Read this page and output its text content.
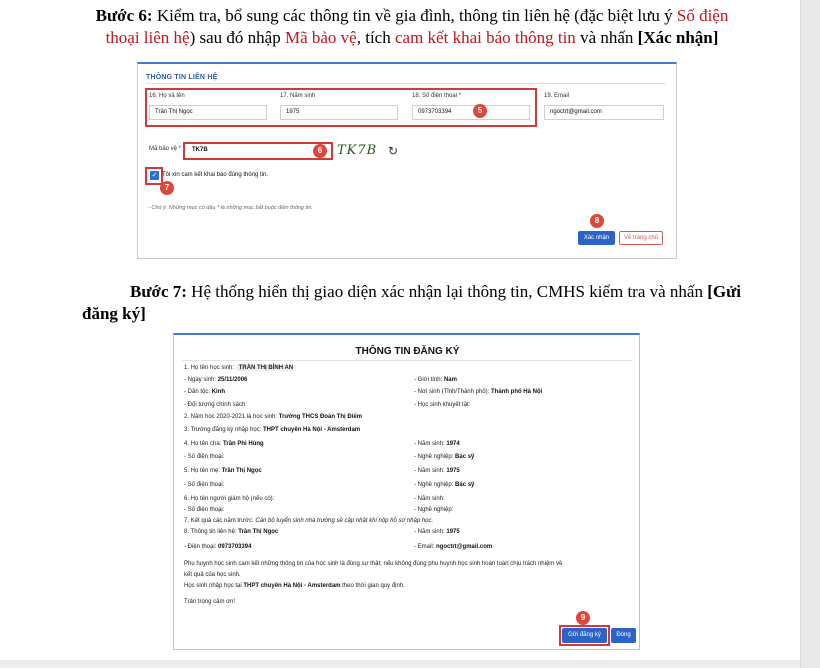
Bước 6: Kiểm tra, bổ sung các thông tin về gia đình, thông tin liên hệ (đặc biệt lưu ý Số điện thoại liên hệ) sau đó nhập Mã bảo vệ, tích cam kết khai báo thông tin và nhấn [Xác nhận]
THÔNG TIN LIÊN HỆ
16. Họ và tên
Trần Thị Ngọc
17. Năm sinh
1975
18. Số điện thoại *
0973703394	5
19. Email
ngoctrt@gmail.com
Mã bảo vệ *	TK7B	6	TK7B ↻
✓ Tôi xin cam kết khai báo đúng thông tin.
7
- Chú ý: Những mục có dấu * là những mục bắt buộc điền thông tin.
8
Xác nhận	Về trang chủ
Bước 7: Hệ thống hiển thị giao diện xác nhận lại thông tin, CMHS kiểm tra và nhấn [Gửi
đăng ký]
THÔNG TIN ĐĂNG KÝ
1. Họ tên học sinh: TRẦN THỊ BÌNH AN
- Ngày sinh: 25/11/2006	- Giới tính: Nam
- Dân tộc: Kinh	- Nơi sinh (Tỉnh/Thành phố): Thành phố Hà Nội
- Đối tượng chính sách:	- Học sinh khuyết tật:
2. Năm học 2020-2021 là học sinh: Trường THCS Đoàn Thị Điểm
3. Trường đăng ký nhập học: THPT chuyên Hà Nội - Amsterdam
4. Họ tên cha: Trần Phi Hùng	- Năm sinh: 1974
- Số điện thoại:	- Nghề nghiệp: Bác sỹ
5. Họ tên mẹ: Trần Thị Ngọc	- Năm sinh: 1975
- Số điện thoại:	- Nghề nghiệp: Bác sỹ
6. Họ tên người giám hộ (nếu có):	- Năm sinh:
- Số điện thoại:	- Nghề nghiệp:
7. Kết quả các năm trước: Cán bộ tuyển sinh nhà trường sẽ cập nhật khi nộp hồ sơ nhập học.
8. Thông tin liên hệ: Trần Thị Ngọc	- Năm sinh: 1975
- Điện thoại: 0973703394	- Email: ngoctrt@gmail.com
Phụ huynh học sinh cam kết những thông tin của học sinh là đúng sự thật; nếu không đúng phụ huynh học sinh hoàn toàn chịu trách nhiệm về
kết quả của học sinh.
Học sinh nhập học tại THPT chuyên Hà Nội - Amsterdam theo thời gian quy định.
Trân trọng cảm ơn!
9
Gửi đăng ký	Đóng
